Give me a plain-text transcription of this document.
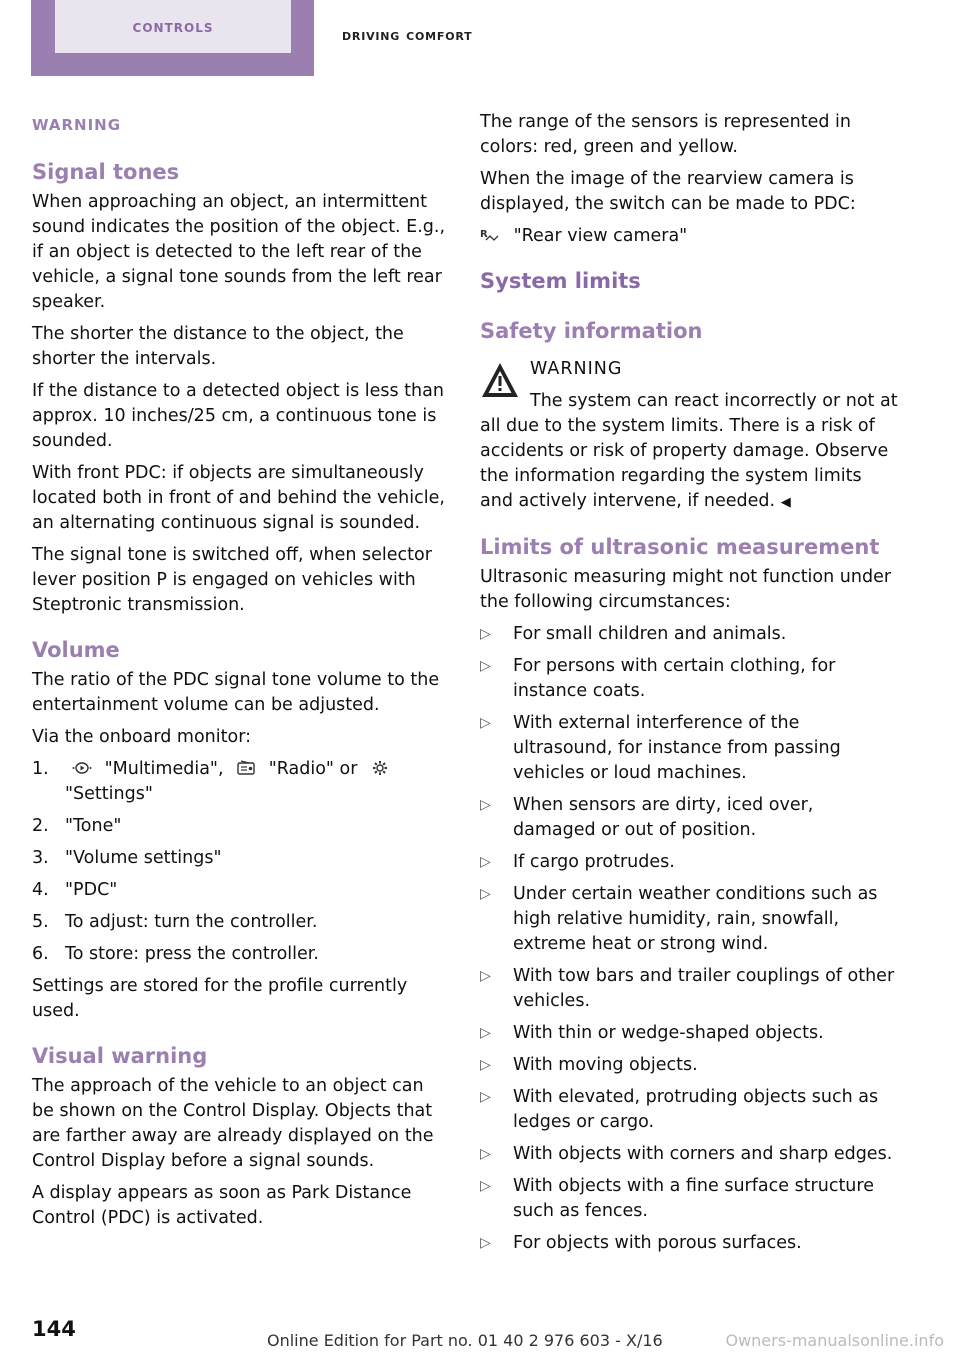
controls	driving comfort
warning
Signal tones

When approaching an object, an intermittent sound indicates the position of the object. E.g., if an object is detected to the left rear of the vehicle, a signal tone sounds from the left rear speaker.

The shorter the distance to the object, the shorter the intervals.

If the distance to a detected object is less than approx. 10 inches/25 cm, a continuous tone is sounded.

With front PDC: if objects are simultaneously located both in front of and behind the vehicle, an alternating continuous signal is sounded.

The signal tone is switched off, when selector lever position P is engaged on vehicles with Steptronic transmission.

Volume

The ratio of the PDC signal tone volume to the entertainment volume can be adjusted.

Via the onboard monitor:

1.	"Multimedia",	"Radio" or
"Settings"
2. "Tone"
3. "Volume settings"
4. "PDC"
5. To adjust: turn the controller.
6. To store: press the controller.

Settings are stored for the profile currently used.

Visual warning

The approach of the vehicle to an object can be shown on the Control Display. Objects that are farther away are already displayed on the Control Display before a signal sounds.

A display appears as soon as Park Distance Control (PDC) is activated.

The range of the sensors is represented in colors: red, green and yellow.

When the image of the rearview camera is displayed, the switch can be made to PDC:

R "Rear view camera"

System limits
Safety information

WARNING

The system can react incorrectly or not at all due to the system limits. There is a risk of accidents or risk of property damage. Observe the information regarding the system limits and actively intervene, if needed. ◀

Limits of ultrasonic measurement

Ultrasonic measuring might not function under the following circumstances:

▷	For small children and animals.
▷	For persons with certain clothing, for instance coats.
▷	With external interference of the ultrasound, for instance from passing vehicles or loud machines.
▷	When sensors are dirty, iced over, damaged or out of position.
▷	If cargo protrudes.
▷	Under certain weather conditions such as high relative humidity, rain, snowfall, extreme heat or strong wind.
▷	With tow bars and trailer couplings of other vehicles.
▷	With thin or wedge-shaped objects.
▷	With moving objects.
▷	With elevated, protruding objects such as ledges or cargo.
▷	With objects with corners and sharp edges.
▷	With objects with a fine surface structure such as fences.
▷	For objects with porous surfaces.
144	Online Edition for Part no. 01 40 2 976 603 - X/16	Owners-manualsonline.info
